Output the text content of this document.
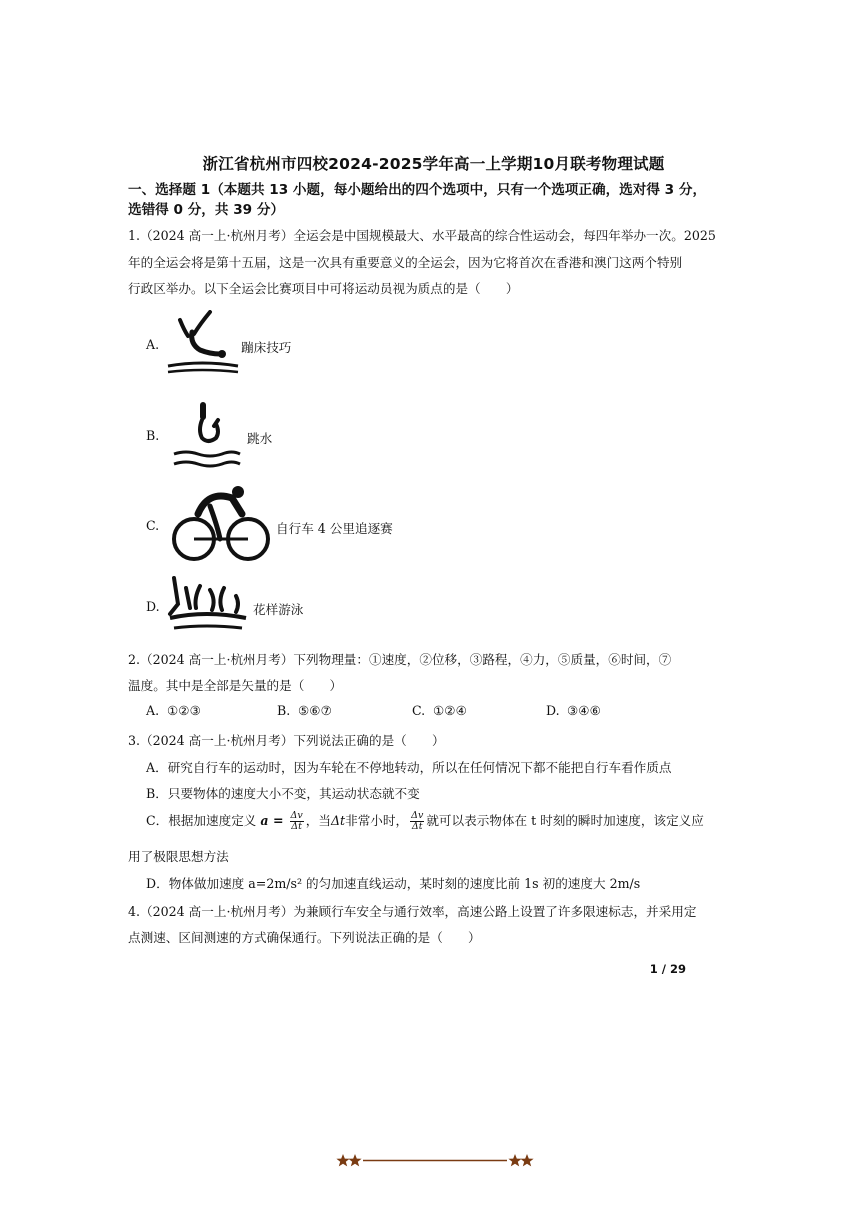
浙江省杭州市四校2024-2025学年高一上学期10月联考物理试题
一、选择题 1（本题共 13 小题，每小题给出的四个选项中，只有一个选项正确，选对得 3 分，
选错得 0 分，共 39 分）
1.（2024 高一上·杭州月考）全运会是中国规模最大、水平最高的综合性运动会，每四年举办一次。2025
年的全运会将是第十五届，这是一次具有重要意义的全运会，因为它将首次在香港和澳门这两个特别
行政区举办。以下全运会比赛项目中可将运动员视为质点的是（　　）
A.	蹦床技巧
B.	跳水
C.	自行车 4 公里追逐赛
D.	花样游泳
2.（2024 高一上·杭州月考）下列物理量：①速度，②位移，③路程，④力，⑤质量，⑥时间，⑦
温度。其中是全部是矢量的是（　　）
A. ①②③	B. ⑤⑥⑦	C. ①②④	D. ③④⑥
3.（2024 高一上·杭州月考）下列说法正确的是（　　）
A．研究自行车的运动时，因为车轮在不停地转动，所以在任何情况下都不能把自行车看作质点
B．只要物体的速度大小不变，其运动状态就不变
C．根据加速度定义 $a = \frac{\Delta v}{\Delta t}$ ，当Δt非常小时， $\frac{\Delta v}{\Delta t}$ 就可以表示物体在 t 时刻的瞬时加速度，该定义应
用了极限思想方法
D．物体做加速度 a=2m/s² 的匀加速直线运动，某时刻的速度比前 1s 初的速度大 2m/s
4.（2024 高一上·杭州月考）为兼顾行车安全与通行效率，高速公路上设置了许多限速标志，并采用定
点测速、区间测速的方式确保通行。下列说法正确的是（　　）
1 / 29
